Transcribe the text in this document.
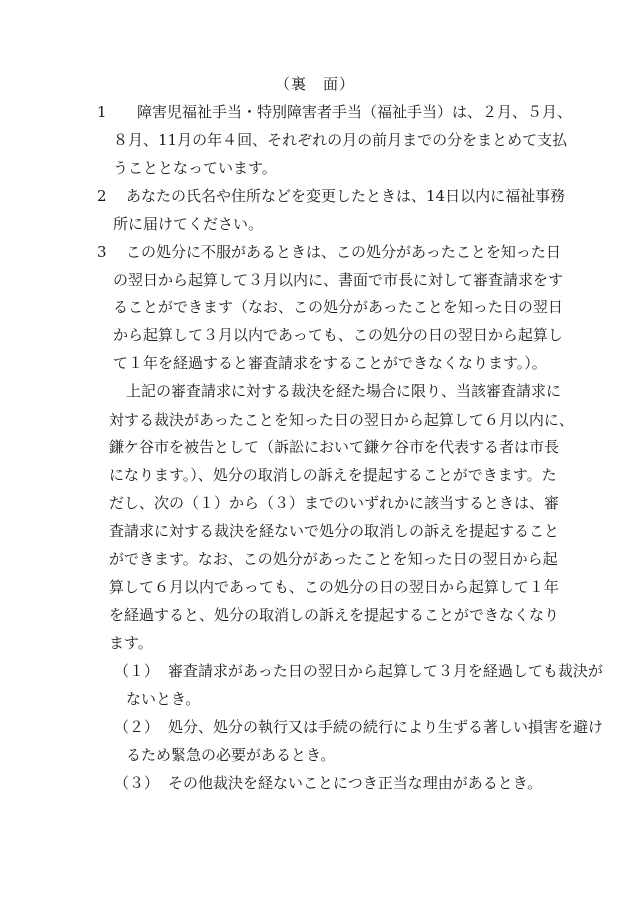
（裏　面）
1 障害児福祉手当・特別障害者手当（福祉手当）は、２月、５月、
８月、11月の年４回、それぞれの月の前月までの分をまとめて支払
うこととなっています。
2 あなたの氏名や住所などを変更したときは、14日以内に福祉事務
所に届けてください。
3 この処分に不服があるときは、この処分があったことを知った日
の翌日から起算して３月以内に、書面で市長に対して審査請求をす
ることができます（なお、この処分があったことを知った日の翌日
から起算して３月以内であっても、この処分の日の翌日から起算し
て１年を経過すると審査請求をすることができなくなります。）。
上記の審査請求に対する裁決を経た場合に限り、当該審査請求に
対する裁決があったことを知った日の翌日から起算して６月以内に、
鎌ケ谷市を被告として（訴訟において鎌ケ谷市を代表する者は市長
になります。）、処分の取消しの訴えを提起することができます。た
だし、次の（１）から（３）までのいずれかに該当するときは、審
査請求に対する裁決を経ないで処分の取消しの訴えを提起すること
ができます。なお、この処分があったことを知った日の翌日から起
算して６月以内であっても、この処分の日の翌日から起算して１年
を経過すると、処分の取消しの訴えを提起することができなくなり
ます。
（１） 審査請求があった日の翌日から起算して３月を経過しても裁決が
ないとき。
（２） 処分、処分の執行又は手続の続行により生ずる著しい損害を避け
るため緊急の必要があるとき。
（３） その他裁決を経ないことにつき正当な理由があるとき。
